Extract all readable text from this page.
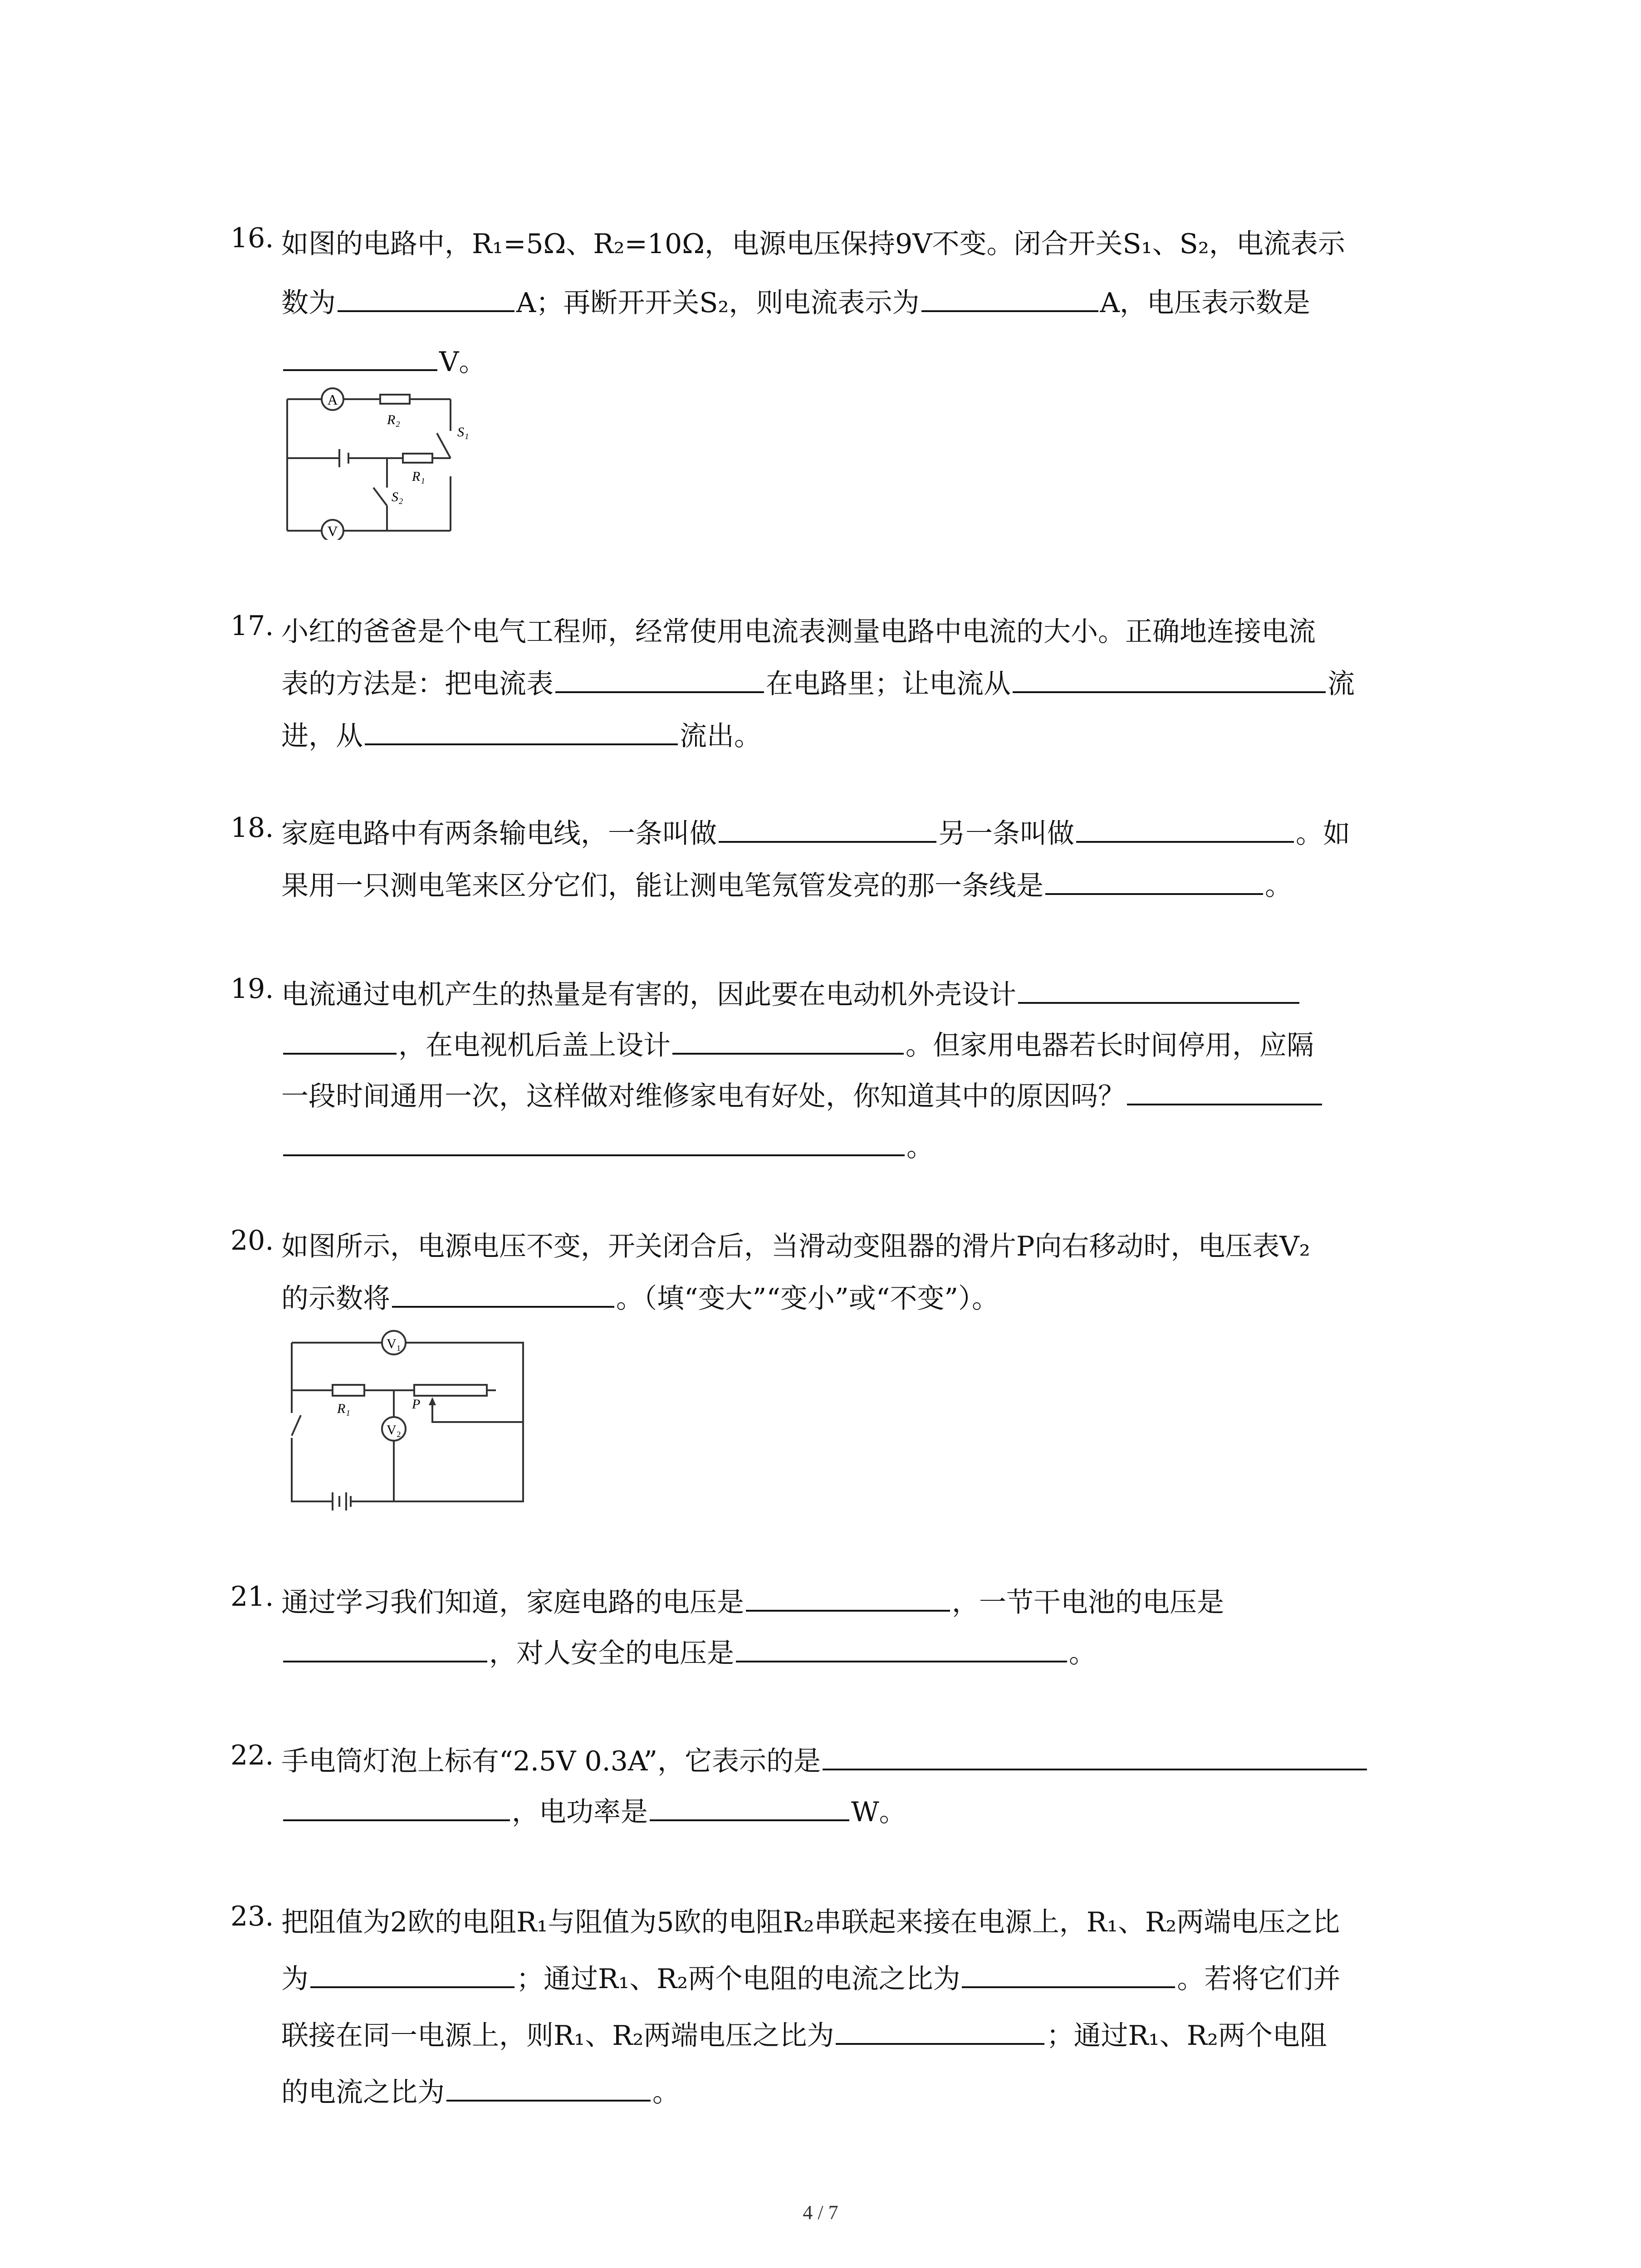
16. 如图的电路中，R₁=5Ω、R₂=10Ω，电源电压保持9V不变。闭合开关S₁、S₂，电流表示
数为	A；再断开开关S₂，则电流表示为	A，电压表示数是
V。
A
R₂
S₁
R₁
S₂
V
17. 小红的爸爸是个电气工程师，经常使用电流表测量电路中电流的大小。正确地连接电流
表的方法是：把电流表	在电路里；让电流从	流
进，从	流出。
18. 家庭电路中有两条输电线，一条叫做	另一条叫做	。如
果用一只测电笔来区分它们，能让测电笔氖管发亮的那一条线是	。
19. 电流通过电机产生的热量是有害的，因此要在电动机外壳设计
，在电视机后盖上设计	。但家用电器若长时间停用，应隔
一段时间通用一次，这样做对维修家电有好处，你知道其中的原因吗？
。
20. 如图所示，电源电压不变，开关闭合后，当滑动变阻器的滑片P向右移动时，电压表V₂
的示数将	。（填“变大”“变小”或“不变”）。
V₁
R₁	P
V₂
21. 通过学习我们知道，家庭电路的电压是	，一节干电池的电压是
，对人安全的电压是	。
22. 手电筒灯泡上标有“2.5V 0.3A”，它表示的是
，电功率是	W。
23. 把阻值为2欧的电阻R₁与阻值为5欧的电阻R₂串联起来接在电源上，R₁、R₂两端电压之比
为	；通过R₁、R₂两个电阻的电流之比为	。若将它们并
联接在同一电源上，则R₁、R₂两端电压之比为	；通过R₁、R₂两个电阻
的电流之比为	。
4 / 7
